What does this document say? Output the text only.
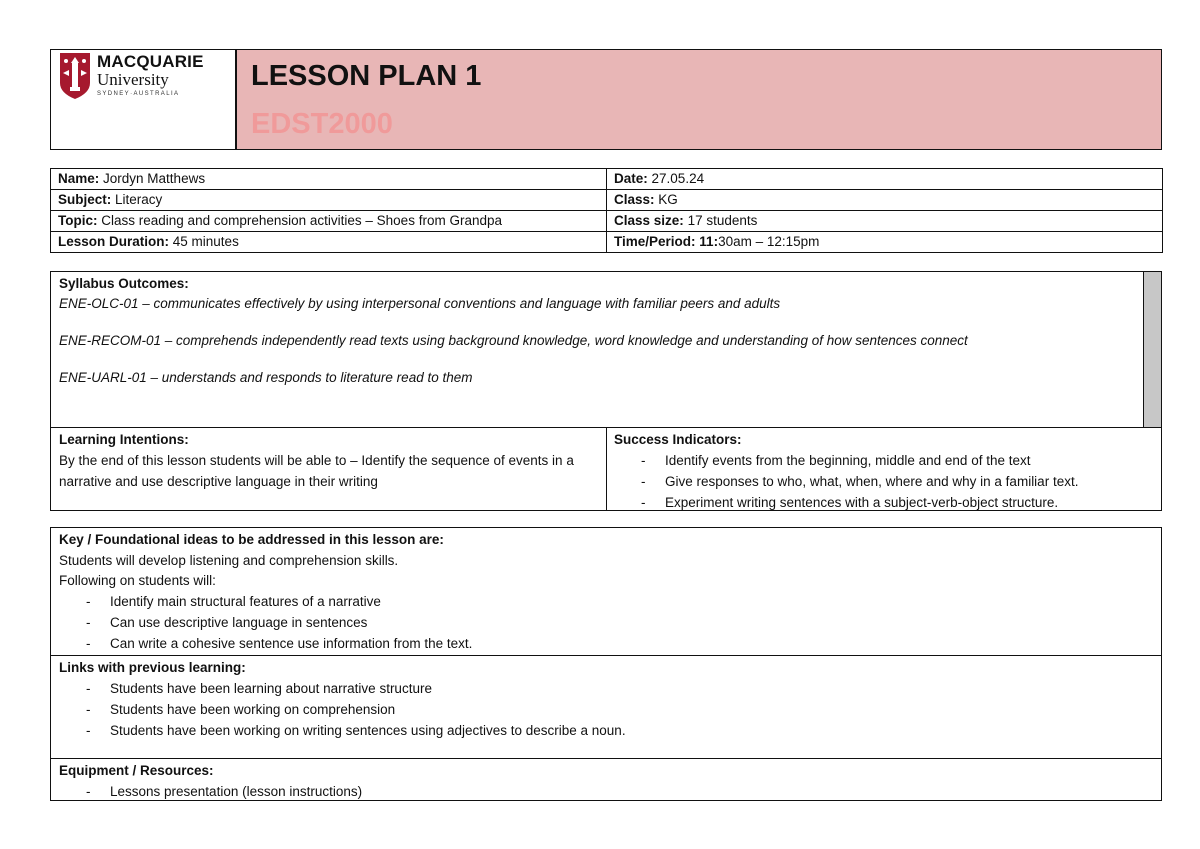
MACQUARIE
University
SYDNEY·AUSTRALIA
LESSON PLAN 1
EDST2000
Name: Jordyn Matthews	Date: 27.05.24
Subject: Literacy	Class: KG
Topic: Class reading and comprehension activities – Shoes from Grandpa	Class size: 17 students
Lesson Duration: 45 minutes	Time/Period: 11:30am – 12:15pm
Syllabus Outcomes:
ENE-OLC-01 – communicates effectively by using interpersonal conventions and language with familiar peers and adults
ENE-RECOM-01 – comprehends independently read texts using background knowledge, word knowledge and understanding of how sentences connect
ENE-UARL-01 – understands and responds to literature read to them
Learning Intentions:
By the end of this lesson students will be able to – Identify the sequence of events in a narrative and use descriptive language in their writing
Success Indicators:
- Identify events from the beginning, middle and end of the text
- Give responses to who, what, when, where and why in a familiar text.
- Experiment writing sentences with a subject-verb-object structure.
Key / Foundational ideas to be addressed in this lesson are:
Students will develop listening and comprehension skills.
Following on students will:
- Identify main structural features of a narrative
- Can use descriptive language in sentences
- Can write a cohesive sentence use information from the text.
Links with previous learning:
- Students have been learning about narrative structure
- Students have been working on comprehension
- Students have been working on writing sentences using adjectives to describe a noun.
Equipment / Resources:
- Lessons presentation (lesson instructions)
